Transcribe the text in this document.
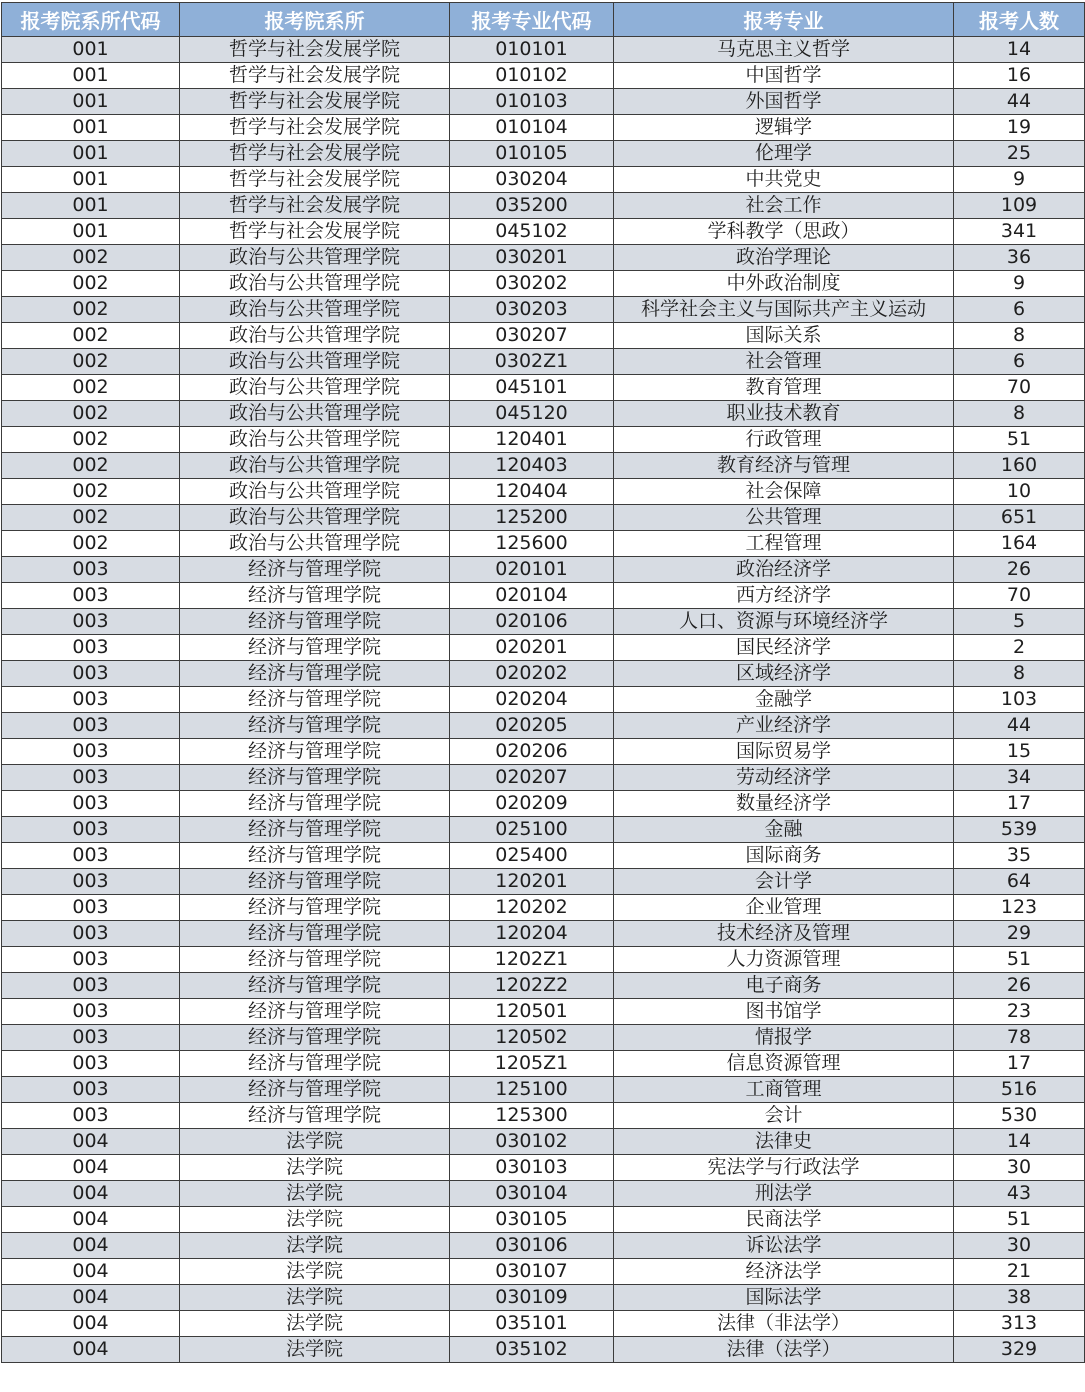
报考院系所代码	报考院系所	报考专业代码	报考专业	报考人数
001	哲学与社会发展学院	010101	马克思主义哲学	14
001	哲学与社会发展学院	010102	中国哲学	16
001	哲学与社会发展学院	010103	外国哲学	44
001	哲学与社会发展学院	010104	逻辑学	19
001	哲学与社会发展学院	010105	伦理学	25
001	哲学与社会发展学院	030204	中共党史	9
001	哲学与社会发展学院	035200	社会工作	109
001	哲学与社会发展学院	045102	学科教学（思政）	341
002	政治与公共管理学院	030201	政治学理论	36
002	政治与公共管理学院	030202	中外政治制度	9
002	政治与公共管理学院	030203	科学社会主义与国际共产主义运动	6
002	政治与公共管理学院	030207	国际关系	8
002	政治与公共管理学院	0302Z1	社会管理	6
002	政治与公共管理学院	045101	教育管理	70
002	政治与公共管理学院	045120	职业技术教育	8
002	政治与公共管理学院	120401	行政管理	51
002	政治与公共管理学院	120403	教育经济与管理	160
002	政治与公共管理学院	120404	社会保障	10
002	政治与公共管理学院	125200	公共管理	651
002	政治与公共管理学院	125600	工程管理	164
003	经济与管理学院	020101	政治经济学	26
003	经济与管理学院	020104	西方经济学	70
003	经济与管理学院	020106	人口、资源与环境经济学	5
003	经济与管理学院	020201	国民经济学	2
003	经济与管理学院	020202	区域经济学	8
003	经济与管理学院	020204	金融学	103
003	经济与管理学院	020205	产业经济学	44
003	经济与管理学院	020206	国际贸易学	15
003	经济与管理学院	020207	劳动经济学	34
003	经济与管理学院	020209	数量经济学	17
003	经济与管理学院	025100	金融	539
003	经济与管理学院	025400	国际商务	35
003	经济与管理学院	120201	会计学	64
003	经济与管理学院	120202	企业管理	123
003	经济与管理学院	120204	技术经济及管理	29
003	经济与管理学院	1202Z1	人力资源管理	51
003	经济与管理学院	1202Z2	电子商务	26
003	经济与管理学院	120501	图书馆学	23
003	经济与管理学院	120502	情报学	78
003	经济与管理学院	1205Z1	信息资源管理	17
003	经济与管理学院	125100	工商管理	516
003	经济与管理学院	125300	会计	530
004	法学院	030102	法律史	14
004	法学院	030103	宪法学与行政法学	30
004	法学院	030104	刑法学	43
004	法学院	030105	民商法学	51
004	法学院	030106	诉讼法学	30
004	法学院	030107	经济法学	21
004	法学院	030109	国际法学	38
004	法学院	035101	法律（非法学）	313
004	法学院	035102	法律（法学）	329
